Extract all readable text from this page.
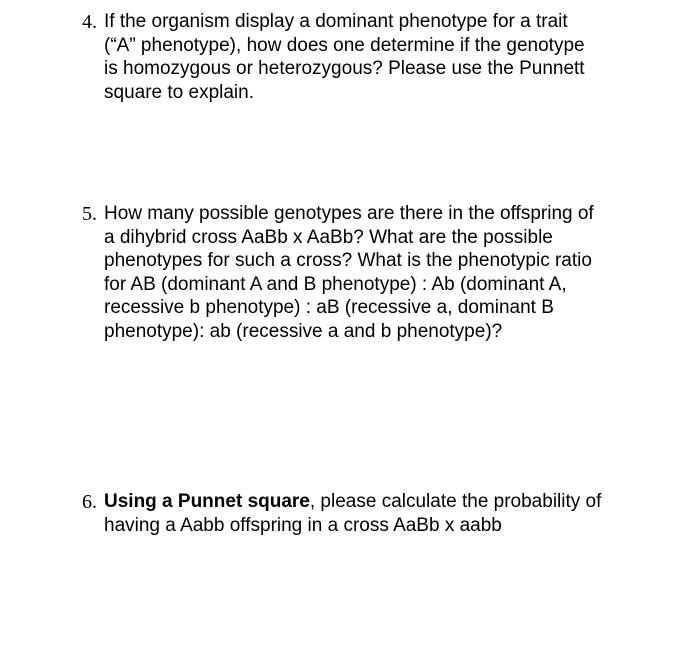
4. If the organism display a dominant phenotype for a trait
(“A” phenotype), how does one determine if the genotype
is homozygous or heterozygous? Please use the Punnett
square to explain.
5. How many possible genotypes are there in the offspring of
a dihybrid cross AaBb x AaBb? What are the possible
phenotypes for such a cross? What is the phenotypic ratio
for AB (dominant A and B phenotype) : Ab (dominant A,
recessive b phenotype) : aB (recessive a, dominant B
phenotype): ab (recessive a and b phenotype)?
6. Using a Punnet square, please calculate the probability of
having a Aabb offspring in a cross AaBb x aabb
